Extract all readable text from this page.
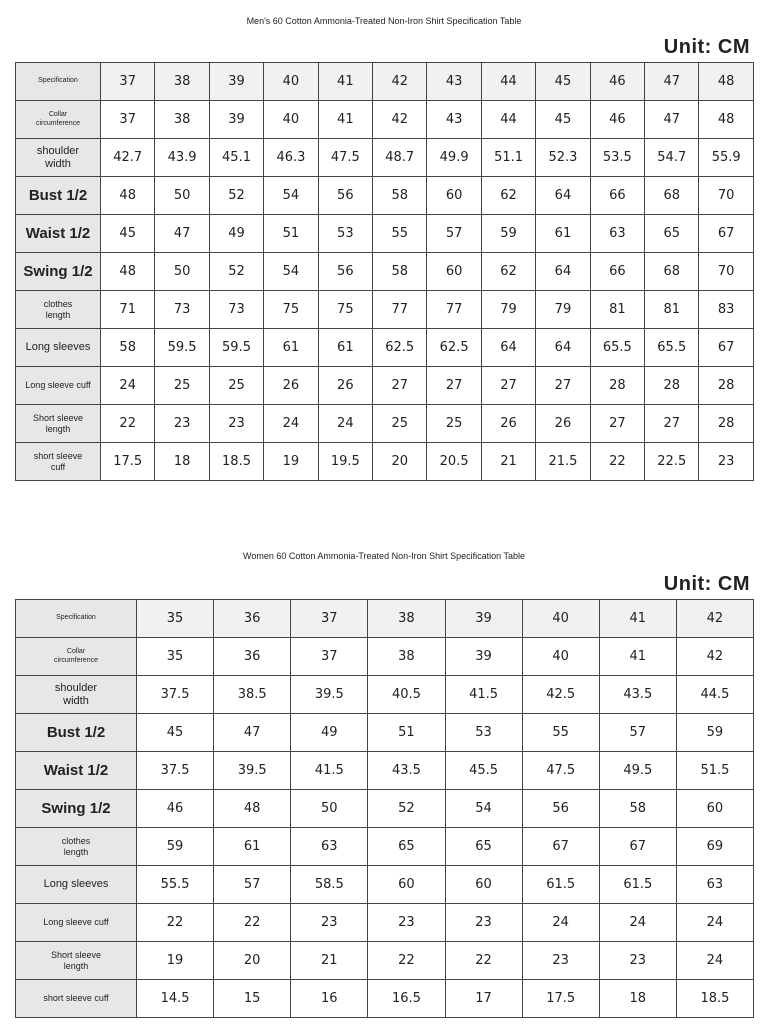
Men's 60 Cotton Ammonia-Treated Non-Iron Shirt Specification Table
Unit: CM
Specification	37	38	39	40	41	42	43	44	45	46	47	48
Collar
circumference	37	38	39	40	41	42	43	44	45	46	47	48
shoulder
width	42.7	43.9	45.1	46.3	47.5	48.7	49.9	51.1	52.3	53.5	54.7	55.9
Bust 1/2	48	50	52	54	56	58	60	62	64	66	68	70
Waist 1/2	45	47	49	51	53	55	57	59	61	63	65	67
Swing 1/2	48	50	52	54	56	58	60	62	64	66	68	70
clothes
length	71	73	73	75	75	77	77	79	79	81	81	83
Long sleeves	58	59.5	59.5	61	61	62.5	62.5	64	64	65.5	65.5	67
Long sleeve cuff	24	25	25	26	26	27	27	27	27	28	28	28
Short sleeve
length	22	23	23	24	24	25	25	26	26	27	27	28
short sleeve
cuff	17.5	18	18.5	19	19.5	20	20.5	21	21.5	22	22.5	23
Women 60 Cotton Ammonia-Treated Non-Iron Shirt Specification Table
Unit: CM
Specification	35	36	37	38	39	40	41	42
Collar
circumference	35	36	37	38	39	40	41	42
shoulder
width	37.5	38.5	39.5	40.5	41.5	42.5	43.5	44.5
Bust 1/2	45	47	49	51	53	55	57	59
Waist 1/2	37.5	39.5	41.5	43.5	45.5	47.5	49.5	51.5
Swing 1/2	46	48	50	52	54	56	58	60
clothes
length	59	61	63	65	65	67	67	69
Long sleeves	55.5	57	58.5	60	60	61.5	61.5	63
Long sleeve cuff	22	22	23	23	23	24	24	24
Short sleeve
length	19	20	21	22	22	23	23	24
short sleeve cuff	14.5	15	16	16.5	17	17.5	18	18.5
